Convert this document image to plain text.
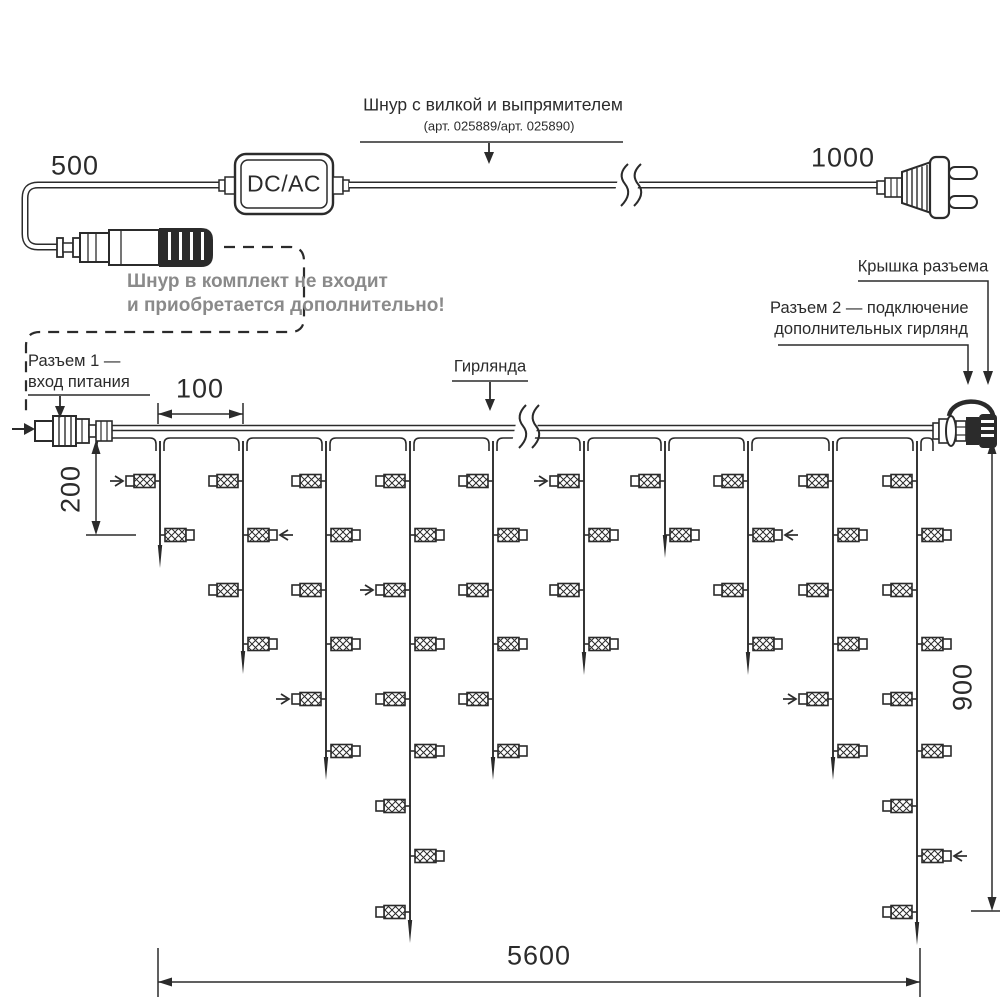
500	1000
Шнур с вилкой и выпрямителем
(арт. 025889/арт. 025890)
Шнур в комплект не входит
и приобретается дополнительно!
Разъем 1 —
вход питания
Крышка разъема
Разъем 2 — подключение
дополнительных гирлянд
Гирлянда
100
200
900
5600
DC/AC
